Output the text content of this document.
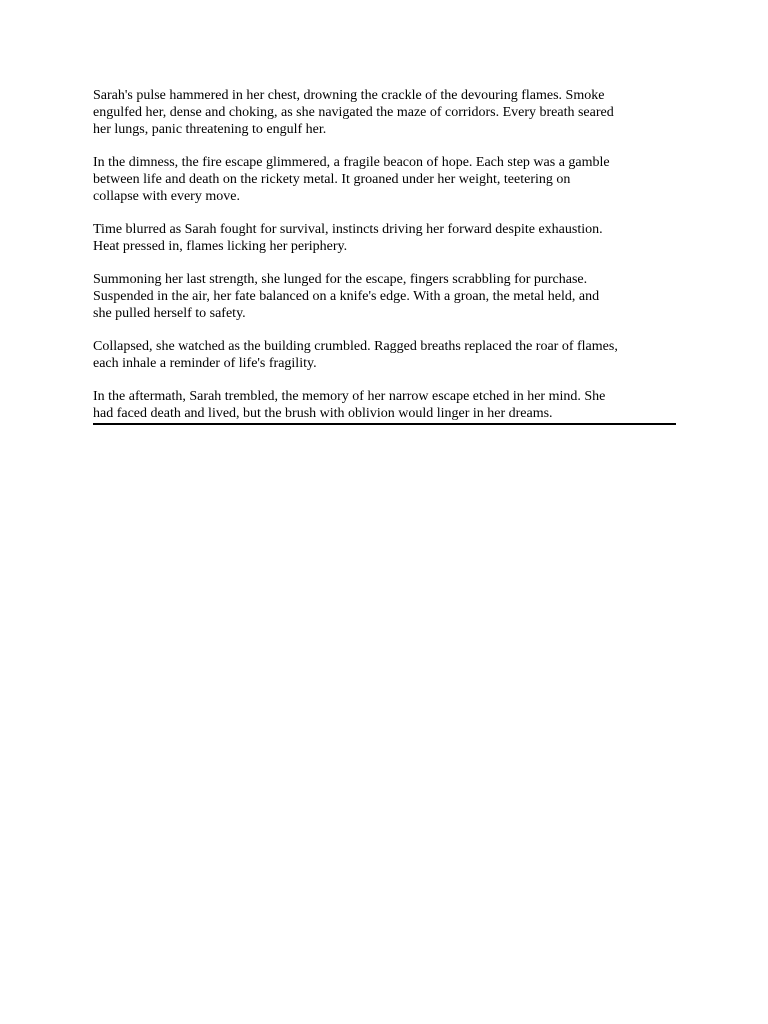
Sarah's pulse hammered in her chest, drowning the crackle of the devouring flames. Smoke
engulfed her, dense and choking, as she navigated the maze of corridors. Every breath seared
her lungs, panic threatening to engulf her.

In the dimness, the fire escape glimmered, a fragile beacon of hope. Each step was a gamble
between life and death on the rickety metal. It groaned under her weight, teetering on
collapse with every move.

Time blurred as Sarah fought for survival, instincts driving her forward despite exhaustion.
Heat pressed in, flames licking her periphery.

Summoning her last strength, she lunged for the escape, fingers scrabbling for purchase.
Suspended in the air, her fate balanced on a knife's edge. With a groan, the metal held, and
she pulled herself to safety.

Collapsed, she watched as the building crumbled. Ragged breaths replaced the roar of flames,
each inhale a reminder of life's fragility.

In the aftermath, Sarah trembled, the memory of her narrow escape etched in her mind. She
had faced death and lived, but the brush with oblivion would linger in her dreams.
